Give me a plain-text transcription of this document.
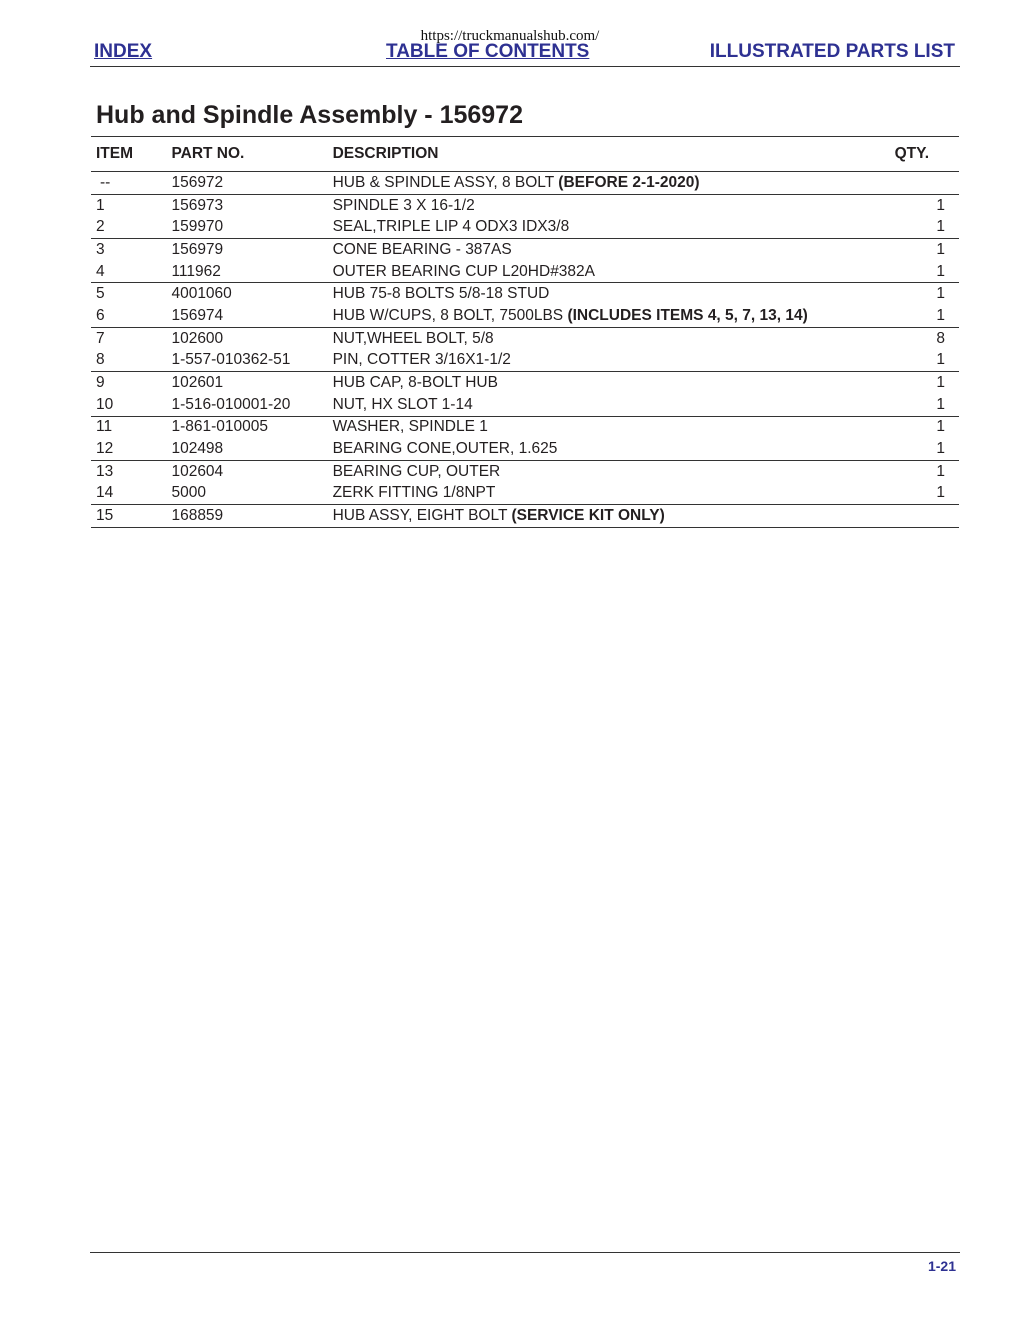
https://truckmanualshub.com/
INDEX	TABLE OF CONTENTS	ILLUSTRATED PARTS LIST
Hub and Spindle Assembly - 156972
ITEM	PART NO.	DESCRIPTION	QTY.
--	156972	HUB & SPINDLE ASSY, 8 BOLT (BEFORE 2-1-2020)	
1	156973	SPINDLE 3 X 16-1/2	1
2	159970	SEAL,TRIPLE LIP 4 ODX3 IDX3/8	1
3	156979	CONE BEARING - 387AS	1
4	111962	OUTER BEARING CUP L20HD#382A	1
5	4001060	HUB 75-8 BOLTS 5/8-18 STUD	1
6	156974	HUB W/CUPS, 8 BOLT, 7500LBS (INCLUDES ITEMS 4, 5, 7, 13, 14)	1
7	102600	NUT,WHEEL BOLT, 5/8	8
8	1-557-010362-51	PIN, COTTER 3/16X1-1/2	1
9	102601	HUB CAP, 8-BOLT HUB	1
10	1-516-010001-20	NUT, HX SLOT 1-14	1
11	1-861-010005	WASHER, SPINDLE 1	1
12	102498	BEARING CONE,OUTER, 1.625	1
13	102604	BEARING CUP, OUTER	1
14	5000	ZERK FITTING 1/8NPT	1
15	168859	HUB ASSY, EIGHT BOLT (SERVICE KIT ONLY)	
1-21
